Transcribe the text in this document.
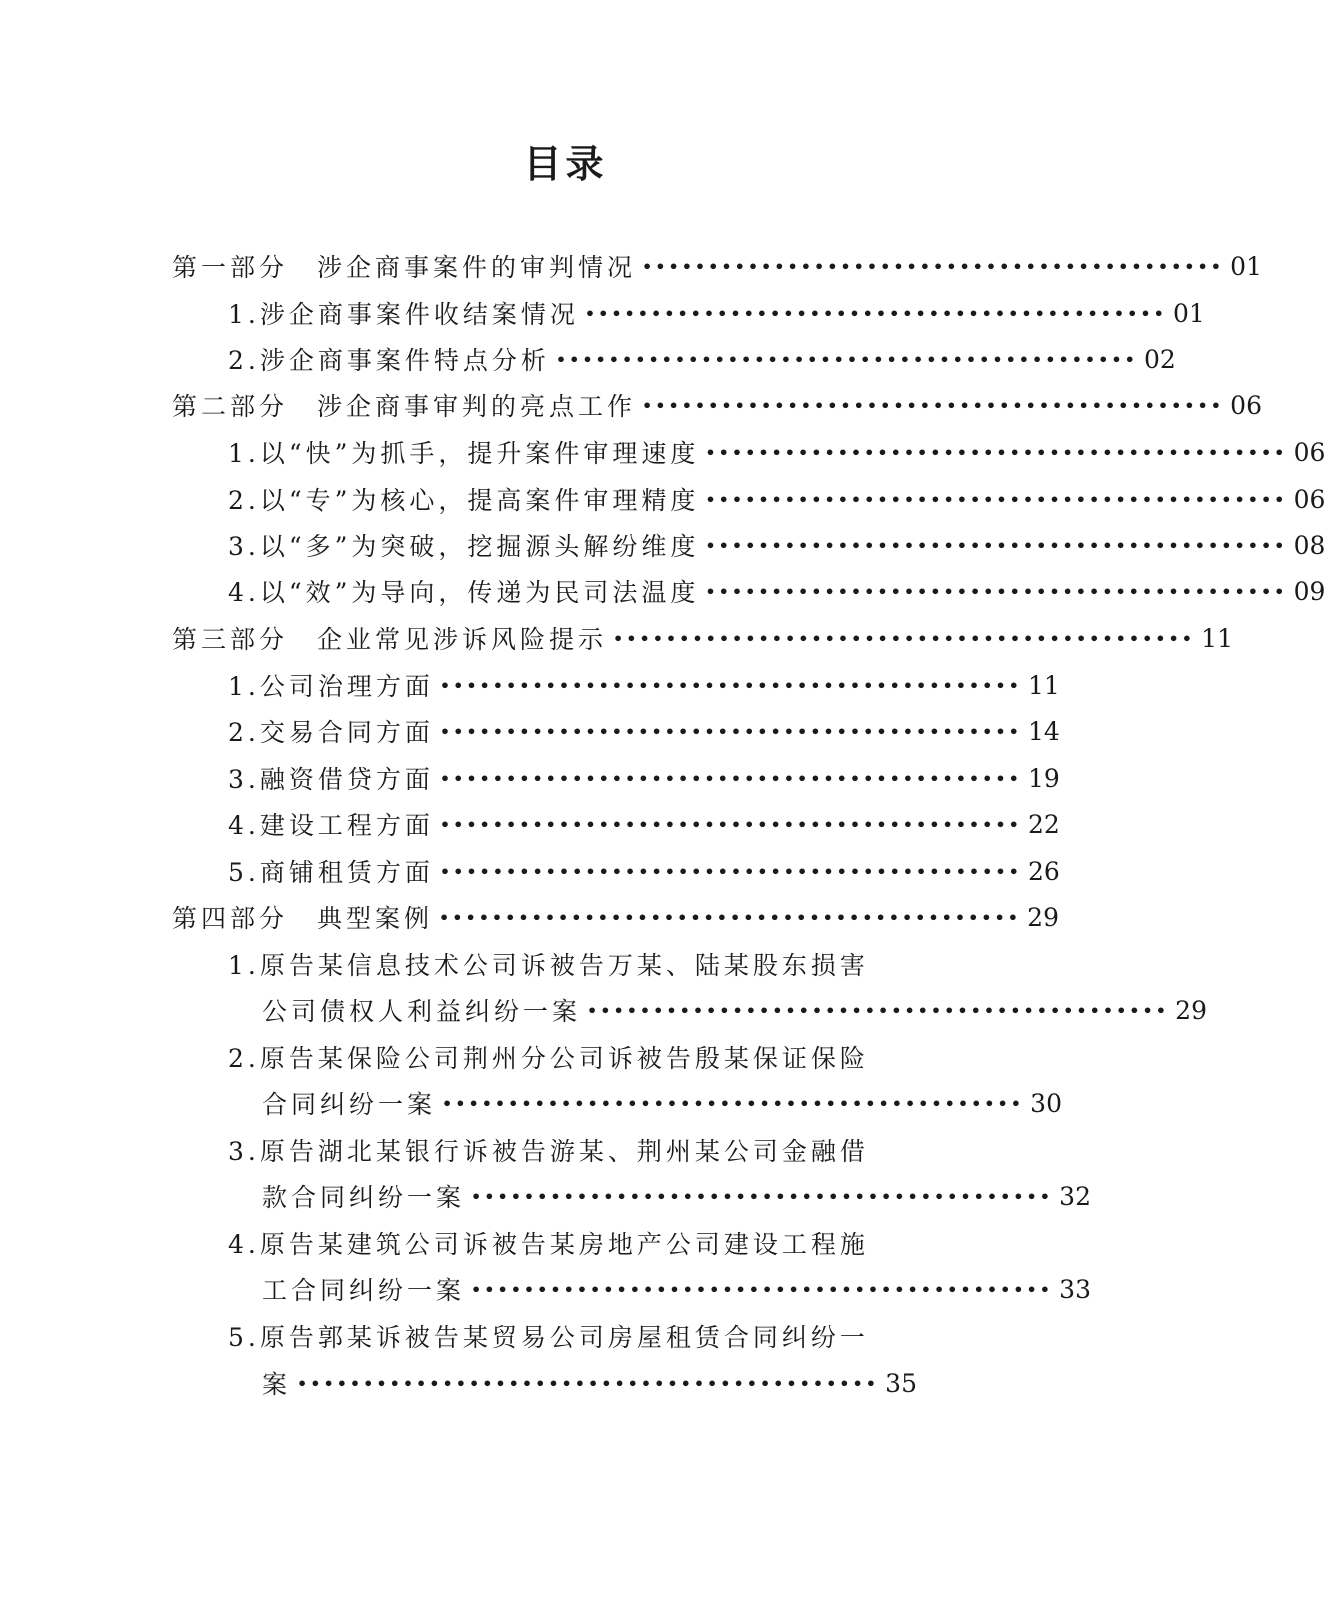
目录
第一部分　涉企商事案件的审判情况 •••••••••••••••••••••••••••••••••••••••••••• 01
1.涉企商事案件收结案情况 •••••••••••••••••••••••••••••••••••••••••••• 01
2.涉企商事案件特点分析 •••••••••••••••••••••••••••••••••••••••••••• 02
第二部分　涉企商事审判的亮点工作 •••••••••••••••••••••••••••••••••••••••••••• 06
1.以“快”为抓手，提升案件审理速度 •••••••••••••••••••••••••••••••••••••••••••• 06
2.以“专”为核心，提高案件审理精度 •••••••••••••••••••••••••••••••••••••••••••• 06
3.以“多”为突破，挖掘源头解纷维度 •••••••••••••••••••••••••••••••••••••••••••• 08
4.以“效”为导向，传递为民司法温度 •••••••••••••••••••••••••••••••••••••••••••• 09
第三部分　企业常见涉诉风险提示 •••••••••••••••••••••••••••••••••••••••••••• 11
1.公司治理方面 •••••••••••••••••••••••••••••••••••••••••••• 11
2.交易合同方面 •••••••••••••••••••••••••••••••••••••••••••• 14
3.融资借贷方面 •••••••••••••••••••••••••••••••••••••••••••• 19
4.建设工程方面 •••••••••••••••••••••••••••••••••••••••••••• 22
5.商铺租赁方面 •••••••••••••••••••••••••••••••••••••••••••• 26
第四部分　典型案例 •••••••••••••••••••••••••••••••••••••••••••• 29
1.原告某信息技术公司诉被告万某、陆某股东损害
公司债权人利益纠纷一案 •••••••••••••••••••••••••••••••••••••••••••• 29
2.原告某保险公司荆州分公司诉被告殷某保证保险
合同纠纷一案 •••••••••••••••••••••••••••••••••••••••••••• 30
3.原告湖北某银行诉被告游某、荆州某公司金融借
款合同纠纷一案 •••••••••••••••••••••••••••••••••••••••••••• 32
4.原告某建筑公司诉被告某房地产公司建设工程施
工合同纠纷一案 •••••••••••••••••••••••••••••••••••••••••••• 33
5.原告郭某诉被告某贸易公司房屋租赁合同纠纷一
案 •••••••••••••••••••••••••••••••••••••••••••• 35
